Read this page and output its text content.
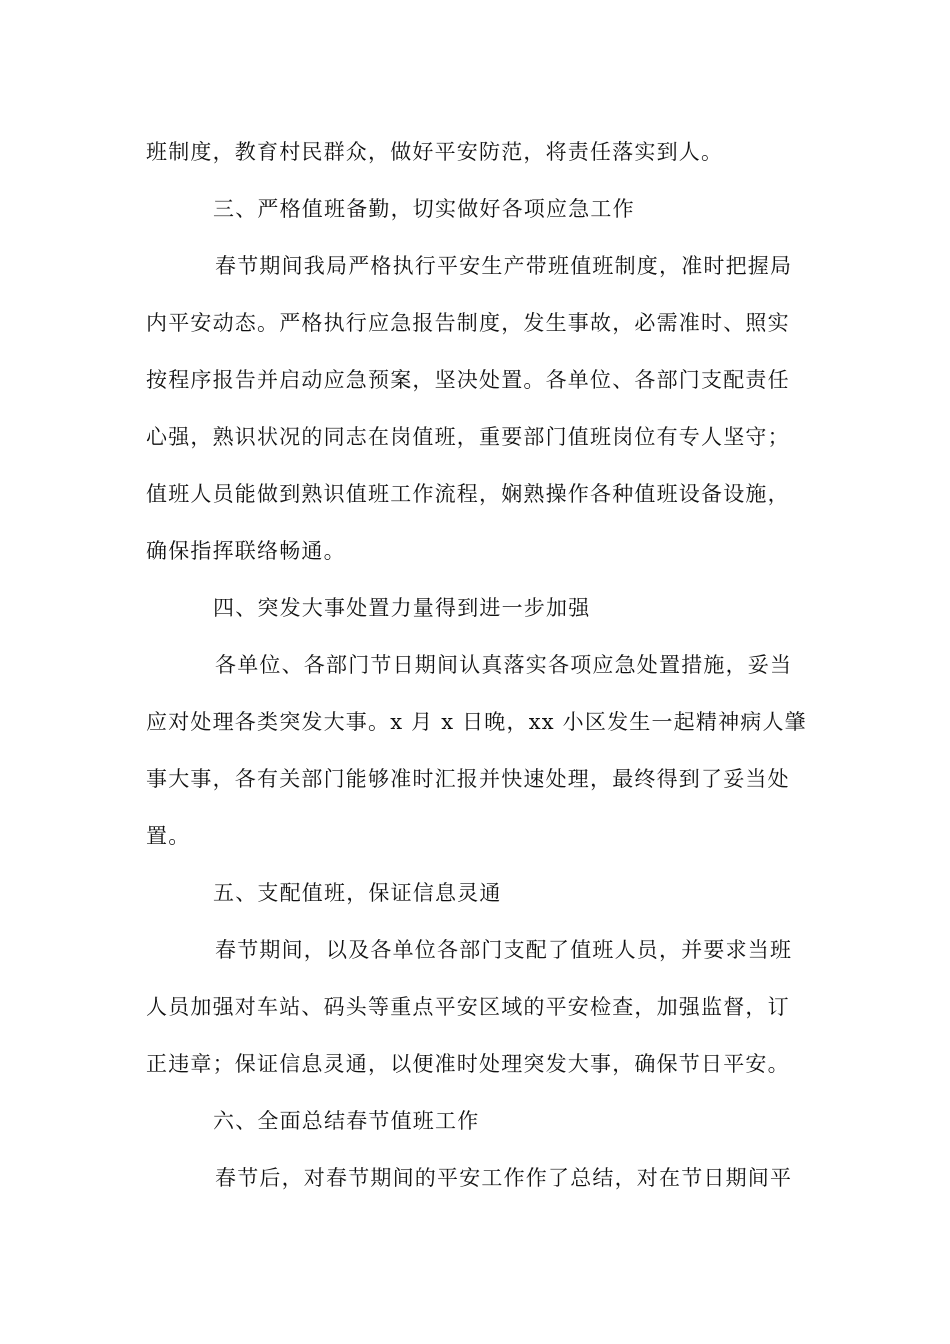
班制度，教育村民群众，做好平安防范，将责任落实到人。
三、严格值班备勤，切实做好各项应急工作
春节期间我局严格执行平安生产带班值班制度，准时把握局
内平安动态。严格执行应急报告制度，发生事故，必需准时、照实
按程序报告并启动应急预案，坚决处置。各单位、各部门支配责任
心强，熟识状况的同志在岗值班，重要部门值班岗位有专人坚守；
值班人员能做到熟识值班工作流程，娴熟操作各种值班设备设施，
确保指挥联络畅通。
四、突发大事处置力量得到进一步加强
各单位、各部门节日期间认真落实各项应急处置措施，妥当
应对处理各类突发大事。x 月 x 日晚，xx 小区发生一起精神病人肇
事大事，各有关部门能够准时汇报并快速处理，最终得到了妥当处
置。
五、支配值班，保证信息灵通
春节期间，以及各单位各部门支配了值班人员，并要求当班
人员加强对车站、码头等重点平安区域的平安检查，加强监督，订
正违章；保证信息灵通，以便准时处理突发大事，确保节日平安。
六、全面总结春节值班工作
春节后，对春节期间的平安工作作了总结，对在节日期间平
